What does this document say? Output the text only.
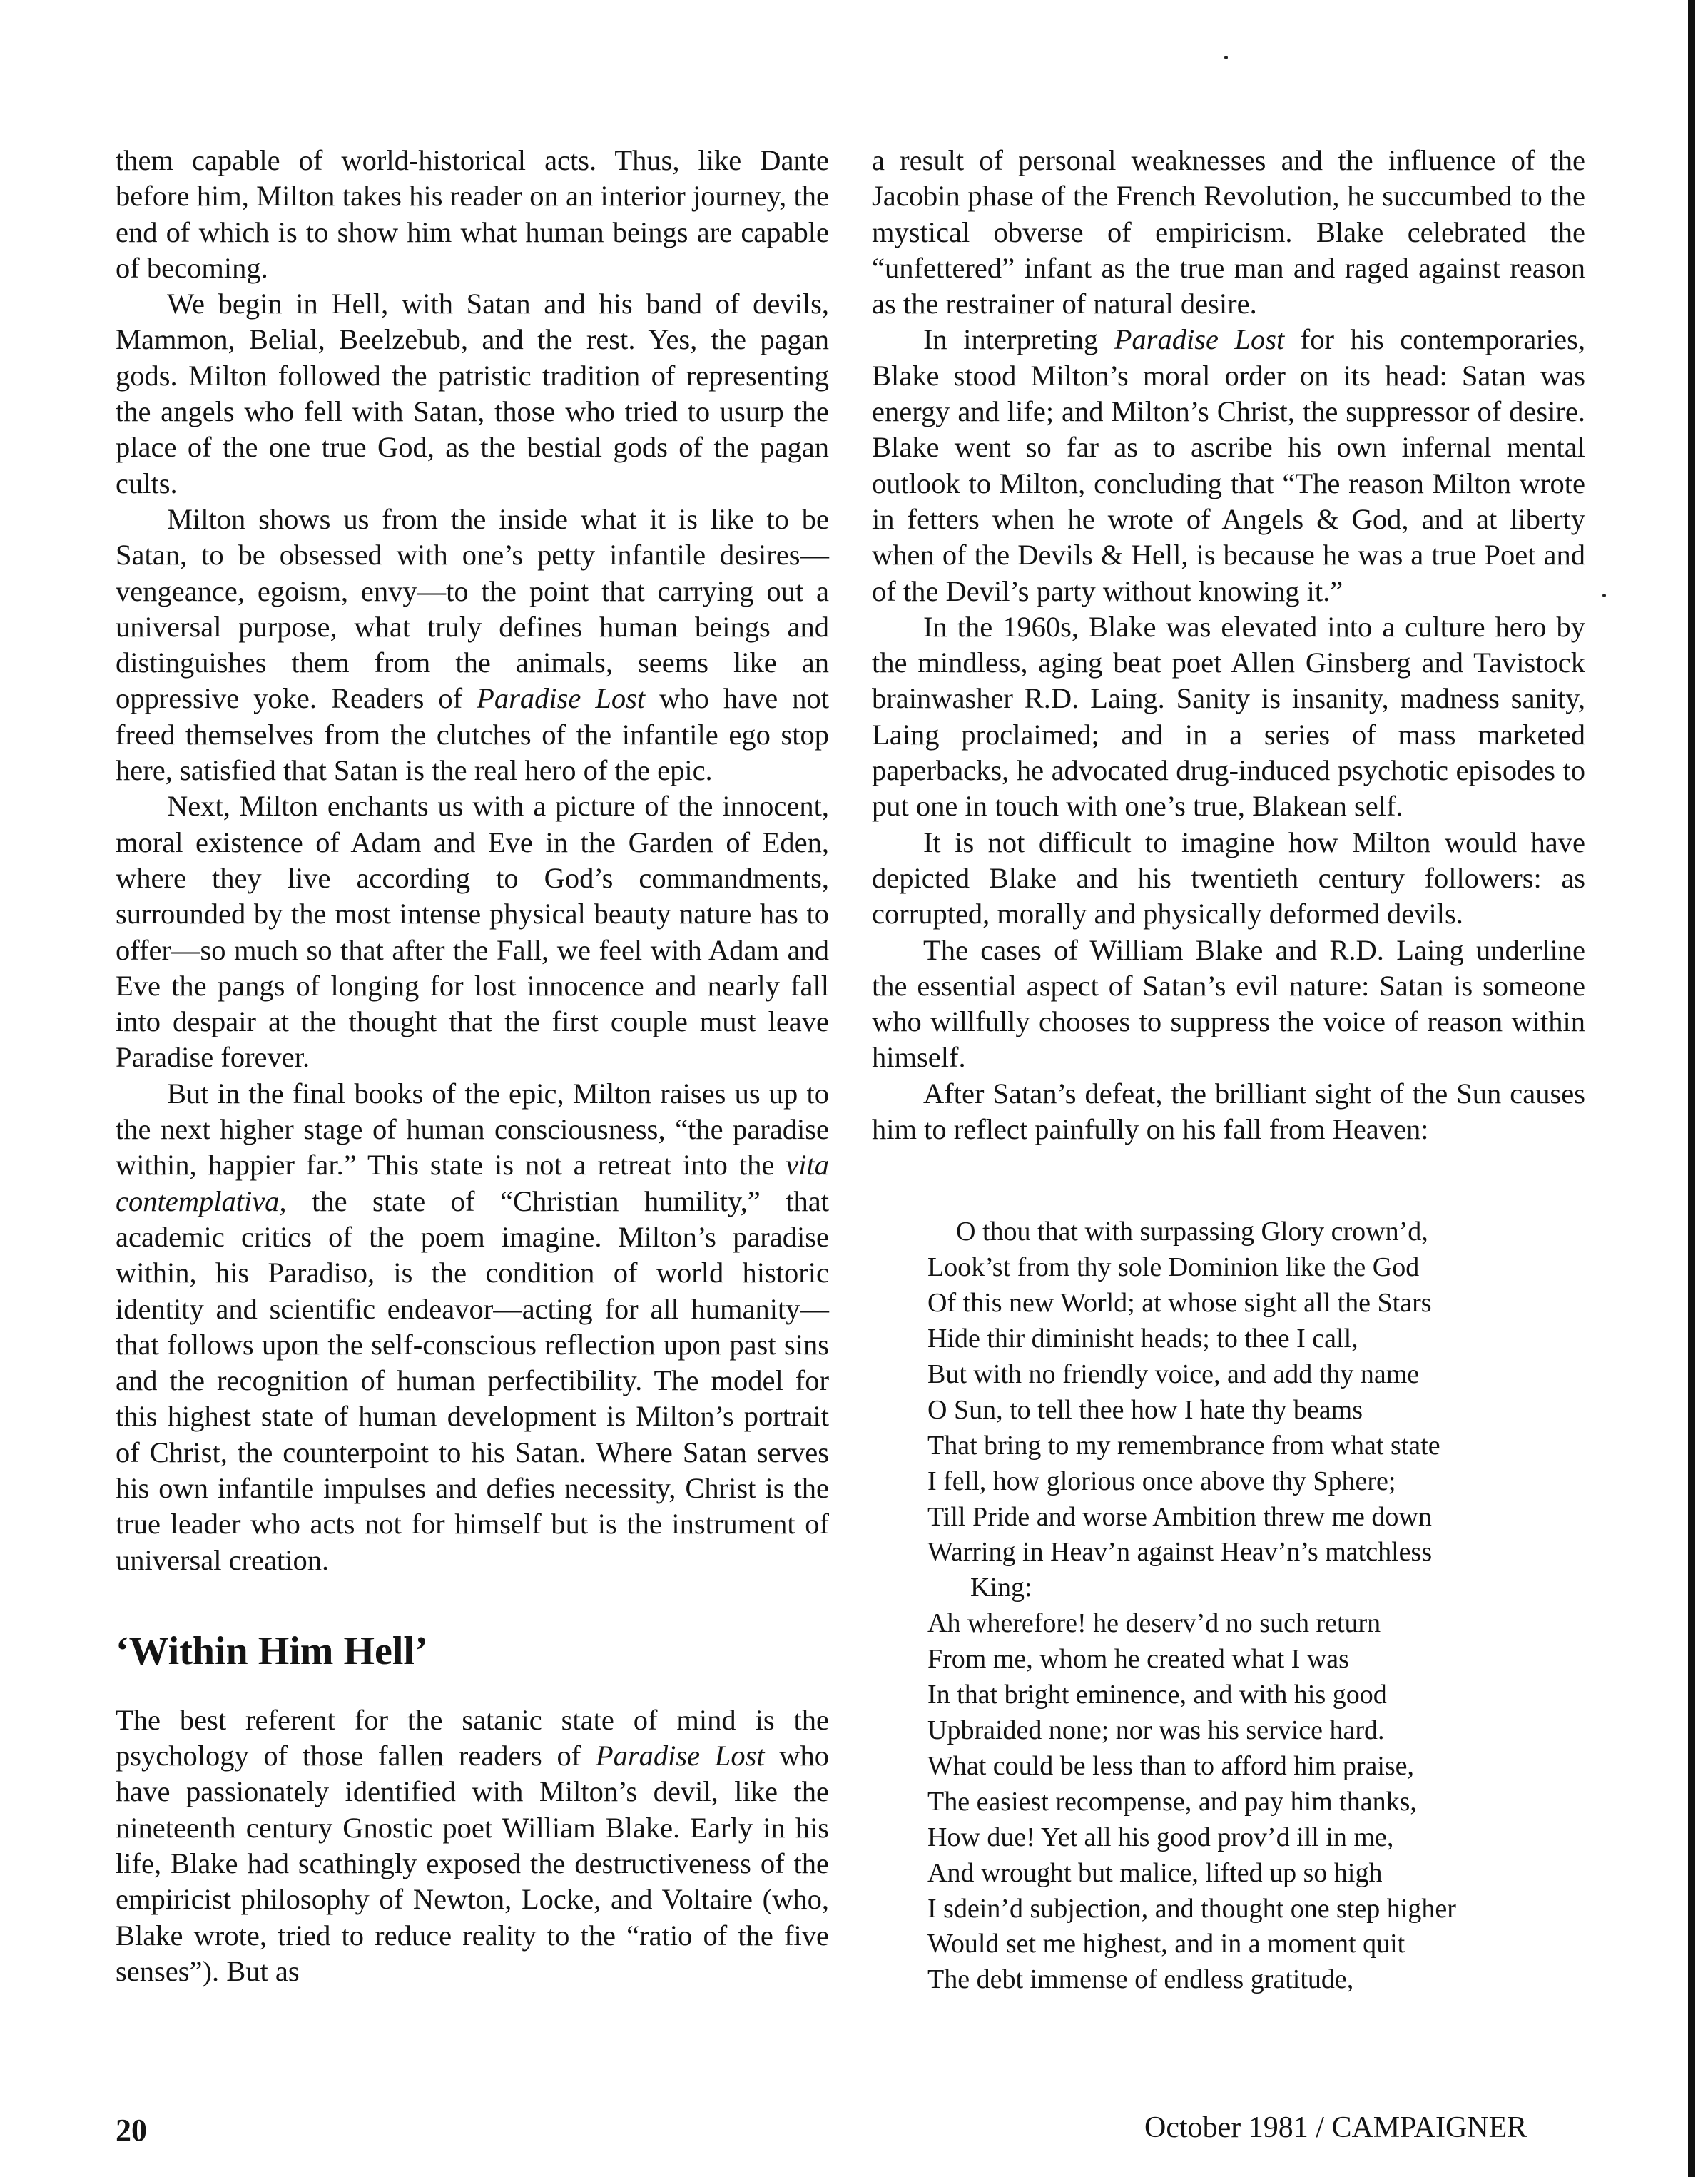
them capable of world-historical acts. Thus, like Dante before him, Milton takes his reader on an interior journey, the end of which is to show him what human beings are capable of becoming.

We begin in Hell, with Satan and his band of devils, Mammon, Belial, Beelzebub, and the rest. Yes, the pagan gods. Milton followed the patristic tradition of representing the angels who fell with Satan, those who tried to usurp the place of the one true God, as the bestial gods of the pagan cults.

Milton shows us from the inside what it is like to be Satan, to be obsessed with one’s petty infantile desires—vengeance, egoism, envy—to the point that carrying out a universal purpose, what truly defines human beings and distinguishes them from the animals, seems like an oppressive yoke. Readers of Paradise Lost who have not freed themselves from the clutches of the infantile ego stop here, satisfied that Satan is the real hero of the epic.

Next, Milton enchants us with a picture of the innocent, moral existence of Adam and Eve in the Garden of Eden, where they live according to God’s commandments, surrounded by the most intense physical beauty nature has to offer—so much so that after the Fall, we feel with Adam and Eve the pangs of longing for lost innocence and nearly fall into despair at the thought that the first couple must leave Paradise forever.

But in the final books of the epic, Milton raises us up to the next higher stage of human consciousness, “the paradise within, happier far.” This state is not a retreat into the vita contemplativa, the state of “Christian humility,” that academic critics of the poem imagine. Milton’s paradise within, his Paradiso, is the condition of world historic identity and scientific endeavor—acting for all humanity—that follows upon the self-conscious reflection upon past sins and the recognition of human perfectibility. The model for this highest state of human development is Milton’s portrait of Christ, the counterpoint to his Satan. Where Satan serves his own infantile impulses and defies necessity, Christ is the true leader who acts not for himself but is the instrument of universal creation.

‘Within Him Hell’

The best referent for the satanic state of mind is the psychology of those fallen readers of Paradise Lost who have passionately identified with Milton’s devil, like the nineteenth century Gnostic poet William Blake. Early in his life, Blake had scathingly exposed the destructiveness of the empiricist philosophy of Newton, Locke, and Voltaire (who, Blake wrote, tried to reduce reality to the “ratio of the five senses”). But as

a result of personal weaknesses and the influence of the Jacobin phase of the French Revolution, he succumbed to the mystical obverse of empiricism. Blake celebrated the “unfettered” infant as the true man and raged against reason as the restrainer of natural desire.

In interpreting Paradise Lost for his contemporaries, Blake stood Milton’s moral order on its head: Satan was energy and life; and Milton’s Christ, the suppressor of desire. Blake went so far as to ascribe his own infernal mental outlook to Milton, concluding that “The reason Milton wrote in fetters when he wrote of Angels & God, and at liberty when of the Devils & Hell, is because he was a true Poet and of the Devil’s party without knowing it.”

In the 1960s, Blake was elevated into a culture hero by the mindless, aging beat poet Allen Ginsberg and Tavistock brainwasher R.D. Laing. Sanity is insanity, madness sanity, Laing proclaimed; and in a series of mass marketed paperbacks, he advocated drug-induced psychotic episodes to put one in touch with one’s true, Blakean self.

It is not difficult to imagine how Milton would have depicted Blake and his twentieth century followers: as corrupted, morally and physically deformed devils.

The cases of William Blake and R.D. Laing underline the essential aspect of Satan’s evil nature: Satan is someone who willfully chooses to suppress the voice of reason within himself.

After Satan’s defeat, the brilliant sight of the Sun causes him to reflect painfully on his fall from Heaven:

O thou that with surpassing Glory crown’d,
Look’st from thy sole Dominion like the God
Of this new World; at whose sight all the Stars
Hide thir diminisht heads; to thee I call,
But with no friendly voice, and add thy name
O Sun, to tell thee how I hate thy beams
That bring to my remembrance from what state
I fell, how glorious once above thy Sphere;
Till Pride and worse Ambition threw me down
Warring in Heav’n against Heav’n’s matchless
King:
Ah wherefore! he deserv’d no such return
From me, whom he created what I was
In that bright eminence, and with his good
Upbraided none; nor was his service hard.
What could be less than to afford him praise,
The easiest recompense, and pay him thanks,
How due! Yet all his good prov’d ill in me,
And wrought but malice, lifted up so high
I sdein’d subjection, and thought one step higher
Would set me highest, and in a moment quit
The debt immense of endless gratitude,
20	October 1981 / CAMPAIGNER
